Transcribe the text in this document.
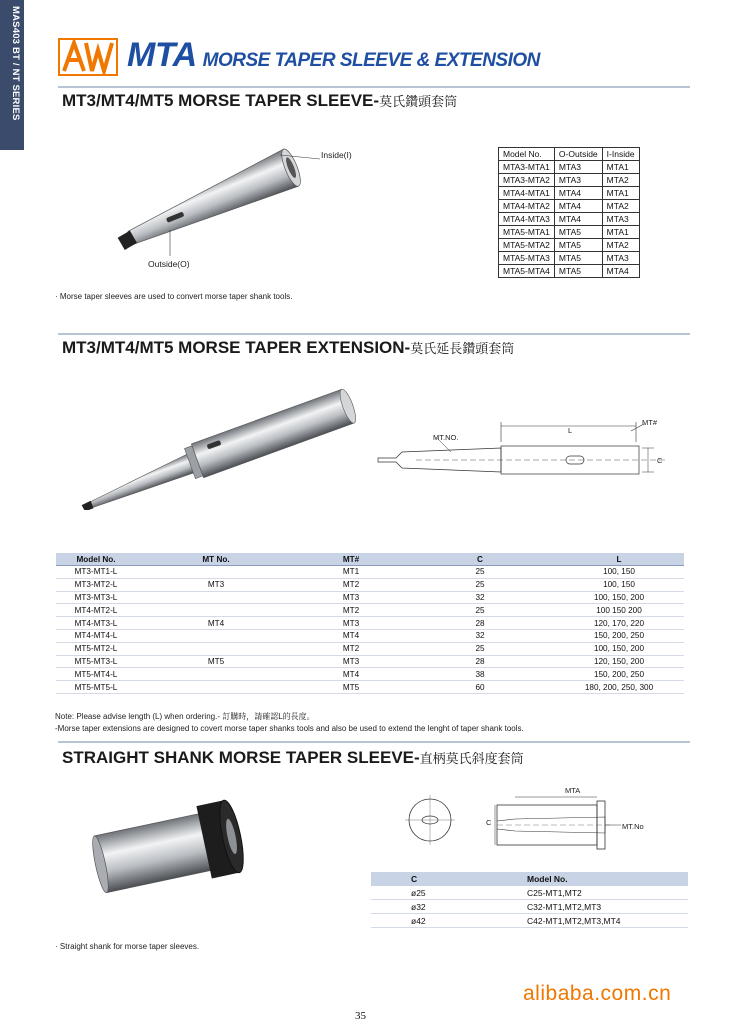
MAS403 BT / NT SERIES	MTA MORSE TAPER SLEEVE & EXTENSION
MT3/MT4/MT5 MORSE TAPER SLEEVE-莫氏鑽頭套筒
Inside(I)
Outside(O)
Model No.	O-Outside	I-Inside
MTA3-MTA1	MTA3	MTA1
MTA3-MTA2	MTA3	MTA2
MTA4-MTA1	MTA4	MTA1
MTA4-MTA2	MTA4	MTA2
MTA4-MTA3	MTA4	MTA3
MTA5-MTA1	MTA5	MTA1
MTA5-MTA2	MTA5	MTA2
MTA5-MTA3	MTA5	MTA3
MTA5-MTA4	MTA5	MTA4
· Morse taper sleeves are used to convert morse taper shank tools.
MT3/MT4/MT5 MORSE TAPER EXTENSION-莫氏延長鑽頭套筒
MT.NO.
MT#
L
C
Model No.	MT No.	MT#	C	L
MT3-MT1-L		MT1	25	100, 150
MT3-MT2-L	MT3	MT2	25	100, 150
MT3-MT3-L		MT3	32	100, 150, 200
MT4-MT2-L		MT2	25	100 150 200
MT4-MT3-L	MT4	MT3	28	120, 170, 220
MT4-MT4-L		MT4	32	150, 200, 250
MT5-MT2-L		MT2	25	100, 150, 200
MT5-MT3-L	MT5	MT3	28	120, 150, 200
MT5-MT4-L		MT4	38	150, 200, 250
MT5-MT5-L		MT5	60	180, 200, 250, 300
Note: Please advise length (L) when ordering.- 訂購時，請確認L的長度。
-Morse taper extensions are designed to covert morse taper shanks tools and also be used to extend the lenght of taper shank tools.
STRAIGHT SHANK MORSE TAPER SLEEVE-直柄莫氏斜度套筒
MTA
C	MT.No
C	Model No.
ø25	C25-MT1,MT2
ø32	C32-MT1,MT2,MT3
ø42	C42-MT1,MT2,MT3,MT4
· Straight shank for morse taper sleeves.
alibaba.com.cn
35
